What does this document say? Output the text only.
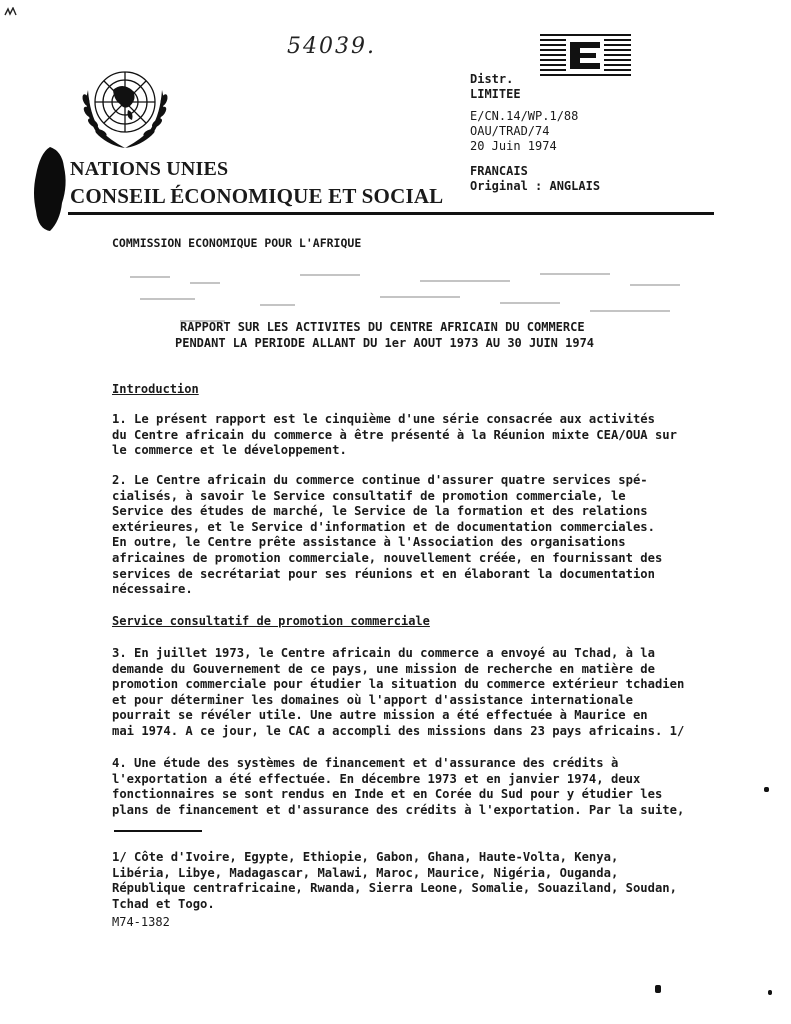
54039.
Distr.
LIMITEE
E/CN.14/WP.1/88
OAU/TRAD/74
20 Juin 1974
FRANCAIS
Original : ANGLAIS
NATIONS UNIES
CONSEIL ÉCONOMIQUE ET SOCIAL
COMMISSION ECONOMIQUE POUR L'AFRIQUE
RAPPORT SUR LES ACTIVITES DU CENTRE AFRICAIN DU COMMERCE
PENDANT LA PERIODE ALLANT DU 1er AOUT 1973 AU 30 JUIN 1974
Introduction
1. Le présent rapport est le cinquième d'une série consacrée aux activités
du Centre africain du commerce à être présenté à la Réunion mixte CEA/OUA sur
le commerce et le développement.
2. Le Centre africain du commerce continue d'assurer quatre services spé-
cialisés, à savoir le Service consultatif de promotion commerciale, le
Service des études de marché, le Service de la formation et des relations
extérieures, et le Service d'information et de documentation commerciales.
En outre, le Centre prête assistance à l'Association des organisations
africaines de promotion commerciale, nouvellement créée, en fournissant des
services de secrétariat pour ses réunions et en élaborant la documentation
nécessaire.
Service consultatif de promotion commerciale
3. En juillet 1973, le Centre africain du commerce a envoyé au Tchad, à la
demande du Gouvernement de ce pays, une mission de recherche en matière de
promotion commerciale pour étudier la situation du commerce extérieur tchadien
et pour déterminer les domaines où l'apport d'assistance internationale
pourrait se révéler utile. Une autre mission a été effectuée à Maurice en
mai 1974. A ce jour, le CAC a accompli des missions dans 23 pays africains. 1/
4. Une étude des systèmes de financement et d'assurance des crédits à
l'exportation a été effectuée. En décembre 1973 et en janvier 1974, deux
fonctionnaires se sont rendus en Inde et en Corée du Sud pour y étudier les
plans de financement et d'assurance des crédits à l'exportation. Par la suite,
1/ Côte d'Ivoire, Egypte, Ethiopie, Gabon, Ghana, Haute-Volta, Kenya,
Libéria, Libye, Madagascar, Malawi, Maroc, Maurice, Nigéria, Ouganda,
République centrafricaine, Rwanda, Sierra Leone, Somalie, Souaziland, Soudan,
Tchad et Togo.
M74-1382
